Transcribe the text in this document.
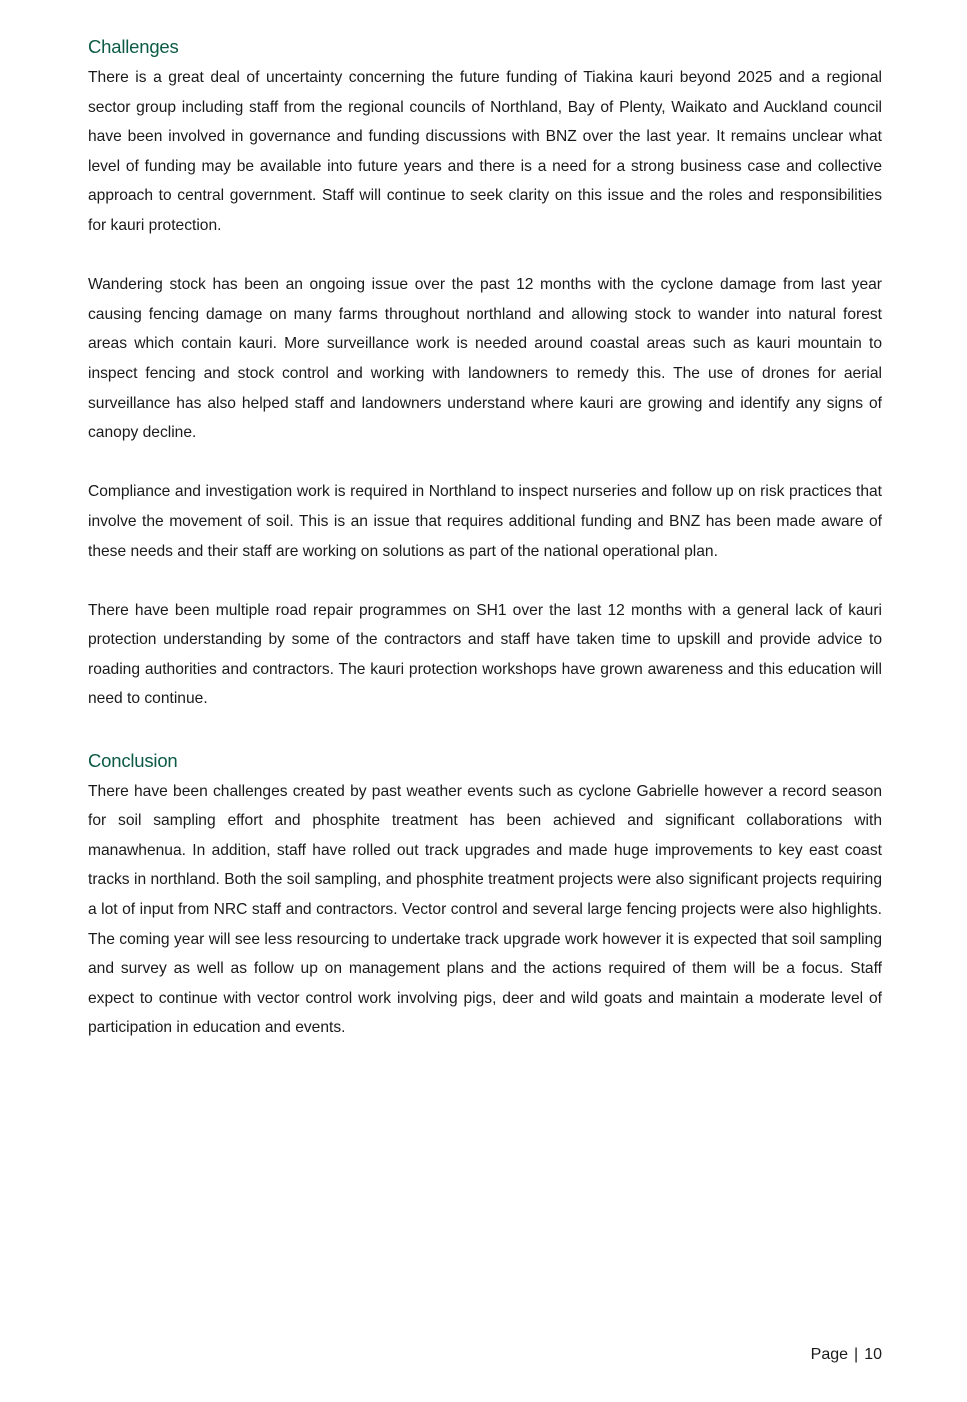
Challenges

There is a great deal of uncertainty concerning the future funding of Tiakina kauri beyond 2025 and a regional sector group including staff from the regional councils of Northland, Bay of Plenty, Waikato and Auckland council have been involved in governance and funding discussions with BNZ over the last year. It remains unclear what level of funding may be available into future years and there is a need for a strong business case and collective approach to central government. Staff will continue to seek clarity on this issue and the roles and responsibilities for kauri protection.

Wandering stock has been an ongoing issue over the past 12 months with the cyclone damage from last year causing fencing damage on many farms throughout northland and allowing stock to wander into natural forest areas which contain kauri. More surveillance work is needed around coastal areas such as kauri mountain to inspect fencing and stock control and working with landowners to remedy this. The use of drones for aerial surveillance has also helped staff and landowners understand where kauri are growing and identify any signs of canopy decline.

Compliance and investigation work is required in Northland to inspect nurseries and follow up on risk practices that involve the movement of soil. This is an issue that requires additional funding and BNZ has been made aware of these needs and their staff are working on solutions as part of the national operational plan.

There have been multiple road repair programmes on SH1 over the last 12 months with a general lack of kauri protection understanding by some of the contractors and staff have taken time to upskill and provide advice to roading authorities and contractors. The kauri protection workshops have grown awareness and this education will need to continue.

Conclusion

There have been challenges created by past weather events such as cyclone Gabrielle however a record season for soil sampling effort and phosphite treatment has been achieved and significant collaborations with manawhenua. In addition, staff have rolled out track upgrades and made huge improvements to key east coast tracks in northland. Both the soil sampling, and phosphite treatment projects were also significant projects requiring a lot of input from NRC staff and contractors. Vector control and several large fencing projects were also highlights. The coming year will see less resourcing to undertake track upgrade work however it is expected that soil sampling and survey as well as follow up on management plans and the actions required of them will be a focus. Staff expect to continue with vector control work involving pigs, deer and wild goats and maintain a moderate level of participation in education and events.

Page | 10
